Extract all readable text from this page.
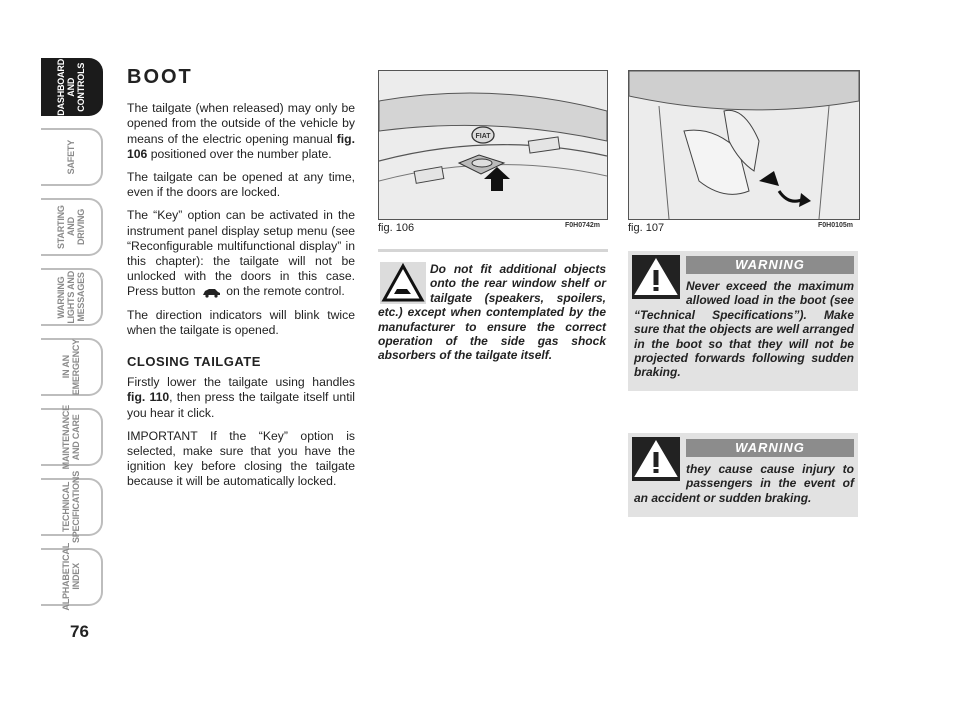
DASHBOARD
AND CONTROLS
SAFETY
STARTING
AND DRIVING
WARNING
LIGHTS AND
MESSAGES
IN AN
EMERGENCY
MAINTENANCE
AND CARE
TECHNICAL
SPECIFICATIONS
ALPHABETICAL
INDEX
76
BOOT

The tailgate (when released) may only be opened from the outside of the vehicle by means of the electric opening manual fig. 106 positioned over the number plate.

The tailgate can be opened at any time, even if the doors are locked.

The “Key” option can be activated in the instrument panel display setup menu (see “Reconfigurable multifunctional display” in this chapter): the tailgate will not be unlocked with the doors in this case. Press button  on the remote control.

The direction indicators will blink twice when the tailgate is opened.

CLOSING TAILGATE

Firstly lower the tailgate using handles fig. 110, then press the tailgate itself until you hear it click.

IMPORTANT If the “Key” option is selected, make sure that you have the ignition key before closing the tailgate because it will be automatically locked.

FIAT
fig. 106	F0H0742m	fig. 107	F0H0105m
Do not fit additional objects onto the rear window shelf or tailgate (speakers, spoilers, etc.) except when contemplated by the manufacturer to ensure the correct operation of the side gas shock absorbers of the tailgate itself.
WARNING
Never exceed the maximum allowed load in the boot (see “Technical Specifications”). Make sure that the objects are well arranged in the boot so that they will not be projected forwards following sudden braking.
WARNING
they cause cause injury to passengers in the event of an accident or sudden braking.
